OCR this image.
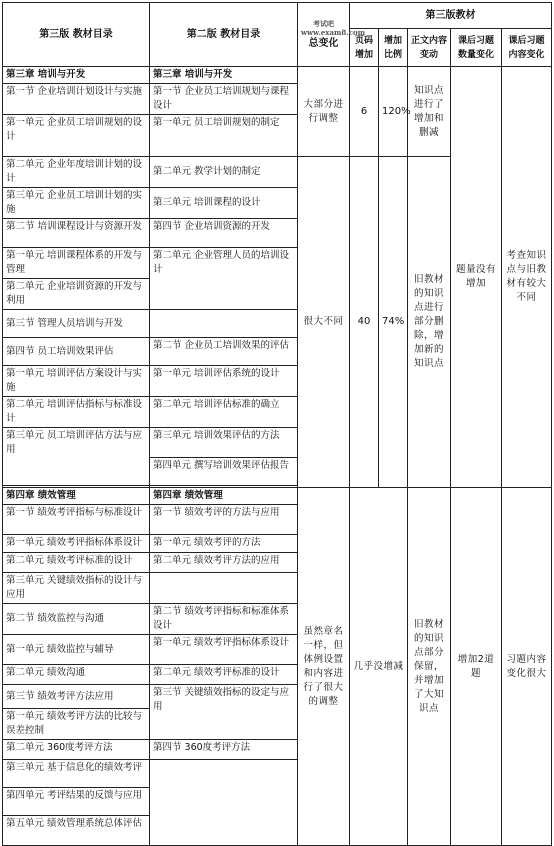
第三版 教材目录	第二版 教材目录	考试吧 www.exam8.com
总变化	第三版教材				
			页码增加	增加比例	正文内容变动	课后习题数量变化	课后习题内容变化
第三章 培训与开发	第三章 培训与开发	大部分进行调整	6	120%	知识点进行了增加和删减	题量没有增加	考查知识点与旧教材有较大不同
第一节 企业培训计划设计与实施	第一节 企业员工培训规划与课程设计						
第一单元 企业员工培训规划的设计	第一单元 员工培训规划的制定						
第二单元 企业年度培训计划的设计	第二单元 教学计划的制定	很大不同	40	74%	旧教材的知识点进行部分删除，增加新的知识点		
第三单元 企业员工培训计划的实施	第三单元 培训课程的设计						
第二节 培训课程设计与资源开发	第四节 企业培训资源的开发						
第一单元 培训课程体系的开发与管理	第二单元 企业管理人员的培训设计						
第二单元 企业培训资源的开发与利用							
第三节 管理人员培训与开发							
第四节 员工培训效果评估	第二节 企业员工培训效果的评估						
第一单元 培训评估方案设计与实施	第一单元 培训评估系统的设计						
第二单元 培训评估指标与标准设计	第二单元 培训评估标准的确立						
第三单元 员工培训评估方法与应用	第三单元 培训效果评估的方法						
	第四单元 撰写培训效果评估报告						

第四章 绩效管理	第四章 绩效管理	虽然章名一样，但体例设置和内容进行了很大的调整	几乎没增减		旧教材的知识点部分保留，并增加了大知识点	增加2道题	习题内容变化很大
第一节 绩效考评指标与标准设计	第一节 绩效考评的方法与应用						
第一单元 绩效考评指标体系设计	第一单元 绩效考评的方法						
第二单元 绩效考评标准的设计	第二单元 绩效考评方法的应用						
第三单元 关键绩效指标的设计与应用							
第二节 绩效监控与沟通	第二节 绩效考评指标和标准体系设计						
第一单元 绩效监控与辅导	第一单元 绩效考评指标体系设计						
第二单元 绩效沟通	第二单元 绩效考评标准的设计						
第三节 绩效考评方法应用	第三节 关键绩效指标的设定与应用						
第一单元 绩效考评方法的比较与误差控制							
第二单元 360度考评方法	第四节 360度考评方法						
第三单元 基于信息化的绩效考评							
第四单元 考评结果的反馈与应用							
第五单元 绩效管理系统总体评估							
